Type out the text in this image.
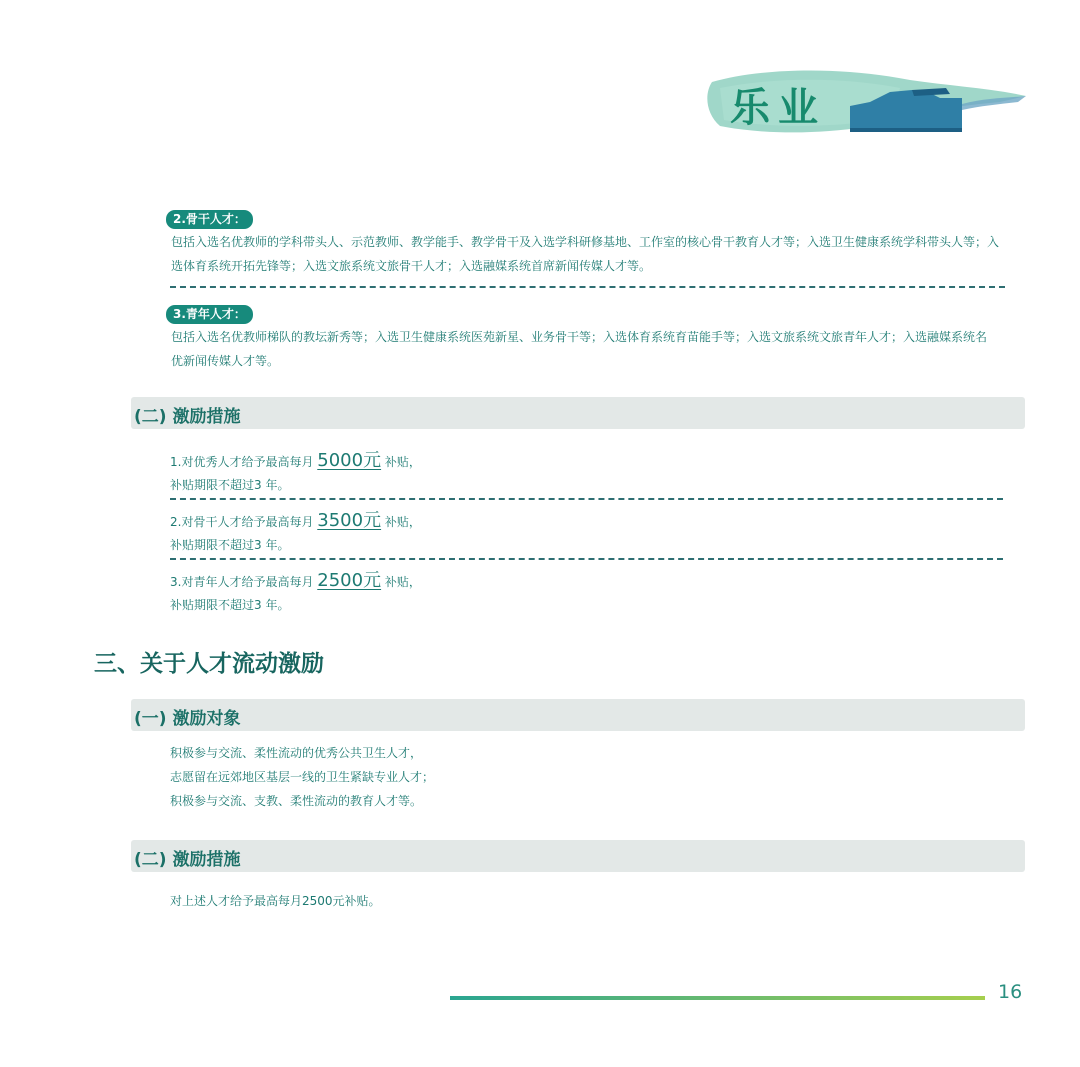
乐业
2.骨干人才：
包括入选名优教师的学科带头人、示范教师、教学能手、教学骨干及入选学科研修基地、工作室的核心骨干教育人才等；入选卫生健康系统学科带头人等；入
选体育系统开拓先锋等；入选文旅系统文旅骨干人才；入选融媒系统首席新闻传媒人才等。
3.青年人才：
包括入选名优教师梯队的教坛新秀等；入选卫生健康系统医苑新星、业务骨干等；入选体育系统育苗能手等；入选文旅系统文旅青年人才；入选融媒系统名
优新闻传媒人才等。
(二) 激励措施
1.对优秀人才给予最高每月 5000元 补贴，
补贴期限不超过3 年。
2.对骨干人才给予最高每月 3500元 补贴，
补贴期限不超过3 年。
3.对青年人才给予最高每月 2500元 补贴，
补贴期限不超过3 年。
三、关于人才流动激励
(一) 激励对象
积极参与交流、柔性流动的优秀公共卫生人才，
志愿留在远郊地区基层一线的卫生紧缺专业人才；
积极参与交流、支教、柔性流动的教育人才等。
(二) 激励措施
对上述人才给予最高每月2500元补贴。
16
